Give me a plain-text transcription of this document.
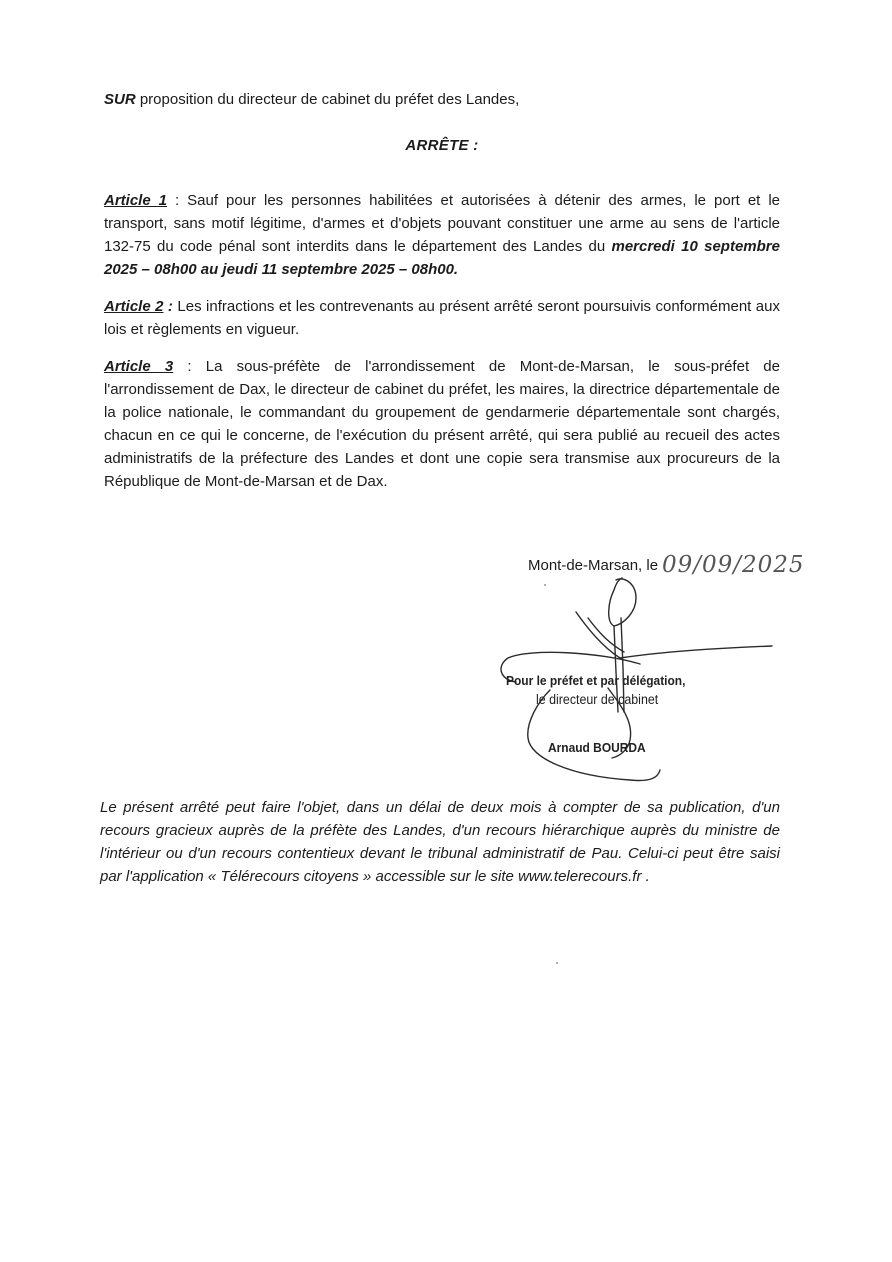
SUR proposition du directeur de cabinet du préfet des Landes,

ARRÊTE :

Article 1 : Sauf pour les personnes habilitées et autorisées à détenir des armes, le port et le transport, sans motif légitime, d'armes et d'objets pouvant constituer une arme au sens de l'article 132-75 du code pénal sont interdits dans le département des Landes du mercredi 10 septembre 2025 – 08h00 au jeudi 11 septembre 2025 – 08h00.

Article 2 : Les infractions et les contrevenants au présent arrêté seront poursuivis conformément aux lois et règlements en vigueur.

Article 3 : La sous-préfète de l'arrondissement de Mont-de-Marsan, le sous-préfet de l'arrondissement de Dax, le directeur de cabinet du préfet, les maires, la directrice départementale de la police nationale, le commandant du groupement de gendarmerie départementale sont chargés, chacun en ce qui le concerne, de l'exécution du présent arrêté, qui sera publié au recueil des actes administratifs de la préfecture des Landes et dont une copie sera transmise aux procureurs de la République de Mont-de-Marsan et de Dax.

Mont-de-Marsan, le 09/09/2025
Pour le préfet et par délégation,
le directeur de cabinet
Arnaud BOURDA

Le présent arrêté peut faire l'objet, dans un délai de deux mois à compter de sa publication, d'un recours gracieux auprès de la préfète des Landes, d'un recours hiérarchique auprès du ministre de l'intérieur ou d'un recours contentieux devant le tribunal administratif de Pau. Celui-ci peut être saisi par l'application « Télérecours citoyens » accessible sur le site www.telerecours.fr .
